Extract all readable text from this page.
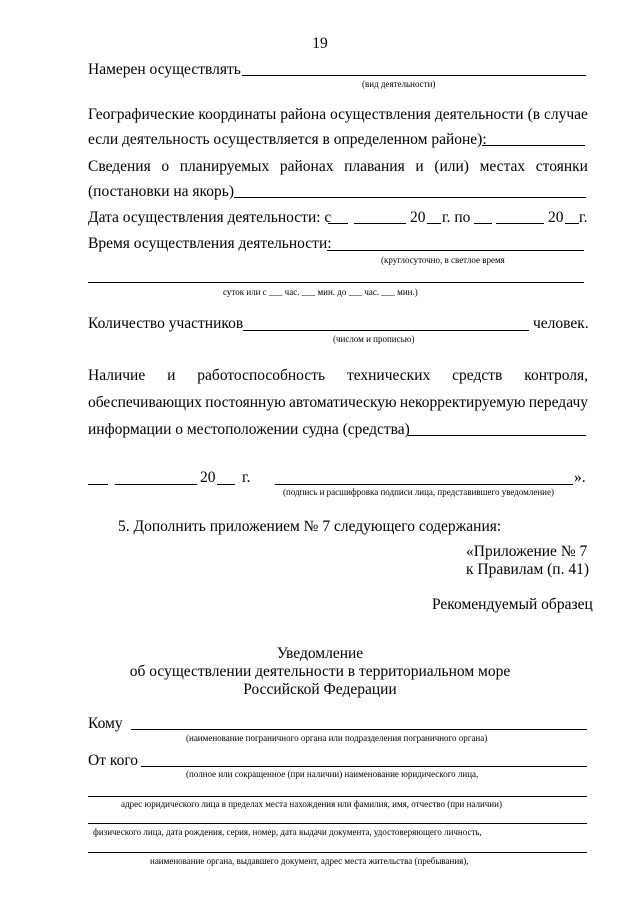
19
Намерен осуществлять
(вид деятельности)
Географические координаты района осуществления деятельности (в случае
если деятельность осуществляется в определенном районе):
Сведения о планируемых районах плавания и (или) местах стоянки
(постановки на якорь)
Дата осуществления деятельности: с	20 г. по	20 г.
Время осуществления деятельности:
(круглосуточно, в светлое время
суток или с ___ час. ___ мин. до ___ час. ___ мин.)
Количество участников	человек.
(числом и прописью)
Наличие и работоспособность технических средств контроля,
обеспечивающих постоянную автоматическую некорректируемую передачу
информации о местоположении судна (средства)
20 г.	».
(подпись и расшифровка подписи лица, представившего уведомление)
5. Дополнить приложением № 7 следующего содержания:
«Приложение № 7
к Правилам (п. 41)
Рекомендуемый образец
Уведомление
об осуществлении деятельности в территориальном море
Российской Федерации
Кому
(наименование пограничного органа или подразделения пограничного органа)
От кого
(полное или сокращенное (при наличии) наименование юридического лица,
адрес юридического лица в пределах места нахождения или фамилия, имя, отчество (при наличии)
физического лица, дата рождения, серия, номер, дата выдачи документа, удостоверяющего личность,
наименование органа, выдавшего документ, адрес места жительства (пребывания),
